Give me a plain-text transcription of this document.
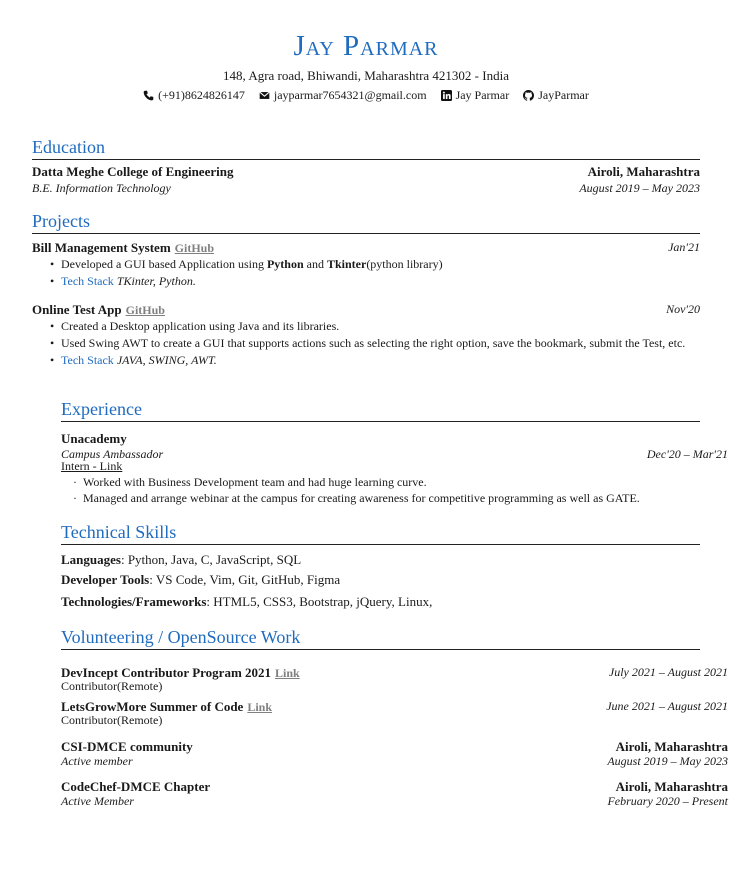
Jay Parmar
148, Agra road, Bhiwandi, Maharashtra 421302 - India
(+91)8624826147 jayparmar7654321@gmail.com Jay Parmar JayParmar
Education
Datta Meghe College of Engineering	Airoli, Maharashtra
B.E. Information Technology	August 2019 – May 2023
Projects
Bill Management System GitHub	Jan'21
• Developed a GUI based Application using Python and Tkinter(python library)
• Tech Stack TKinter, Python.
Online Test App GitHub	Nov'20
• Created a Desktop application using Java and its libraries.
• Used Swing AWT to create a GUI that supports actions such as selecting the right option, save the bookmark, submit the Test, etc.
• Tech Stack JAVA, SWING, AWT.
Experience
Unacademy
Campus Ambassador	Dec'20 – Mar'21
Intern - Link
· Worked with Business Development team and had huge learning curve.
· Managed and arrange webinar at the campus for creating awareness for competitive programming as well as GATE.
Technical Skills
Languages: Python, Java, C, JavaScript, SQL
Developer Tools: VS Code, Vim, Git, GitHub, Figma
Technologies/Frameworks: HTML5, CSS3, Bootstrap, jQuery, Linux,
Volunteering / OpenSource Work
DevIncept Contributor Program 2021 Link	July 2021 – August 2021
Contributor(Remote)
LetsGrowMore Summer of Code Link	June 2021 – August 2021
Contributor(Remote)
CSI-DMCE community	Airoli, Maharashtra
Active member	August 2019 – May 2023
CodeChef-DMCE Chapter	Airoli, Maharashtra
Active Member	February 2020 – Present
